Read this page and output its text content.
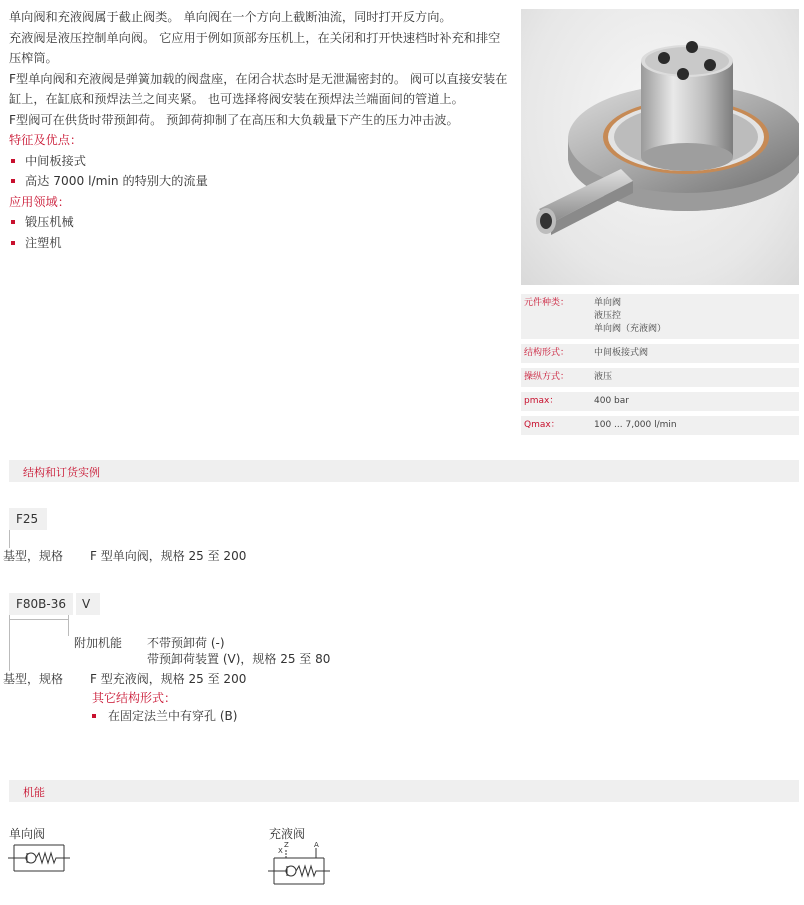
单向阀和充液阀属于截止阀类。 单向阀在一个方向上截断油流，同时打开反方向。

充液阀是液压控制单向阀。 它应用于例如顶部夯压机上，在关闭和打开快速档时补充和排空压榨筒。

F型单向阀和充液阀是弹簧加载的阀盘座，在闭合状态时是无泄漏密封的。 阀可以直接安装在缸上，在缸底和预焊法兰之间夹紧。 也可选择将阀安装在预焊法兰端面间的管道上。

F型阀可在供货时带预卸荷。 预卸荷抑制了在高压和大负载量下产生的压力冲击波。

特征及优点：

中间板接式
高达 7000 l/min 的特别大的流量

应用领域：

锻压机械
注塑机
元件种类：	单向阀
液压控
单向阀（充液阀）
结构形式：	中间板接式阀
操纵方式：	液压
pmax：	400 bar
Qmax：	100 ... 7,000 l/min
结构和订货实例
F25
基型，规格 F 型单向阀，规格 25 至 200
F80B-36	V
附加机能 不带预卸荷 (-)
带预卸荷装置 (V)，规格 25 至 80
基型，规格 F 型充液阀，规格 25 至 200
其它结构形式：
在固定法兰中有穿孔 (B)
机能
单向阀	充液阀
X
Z	A
